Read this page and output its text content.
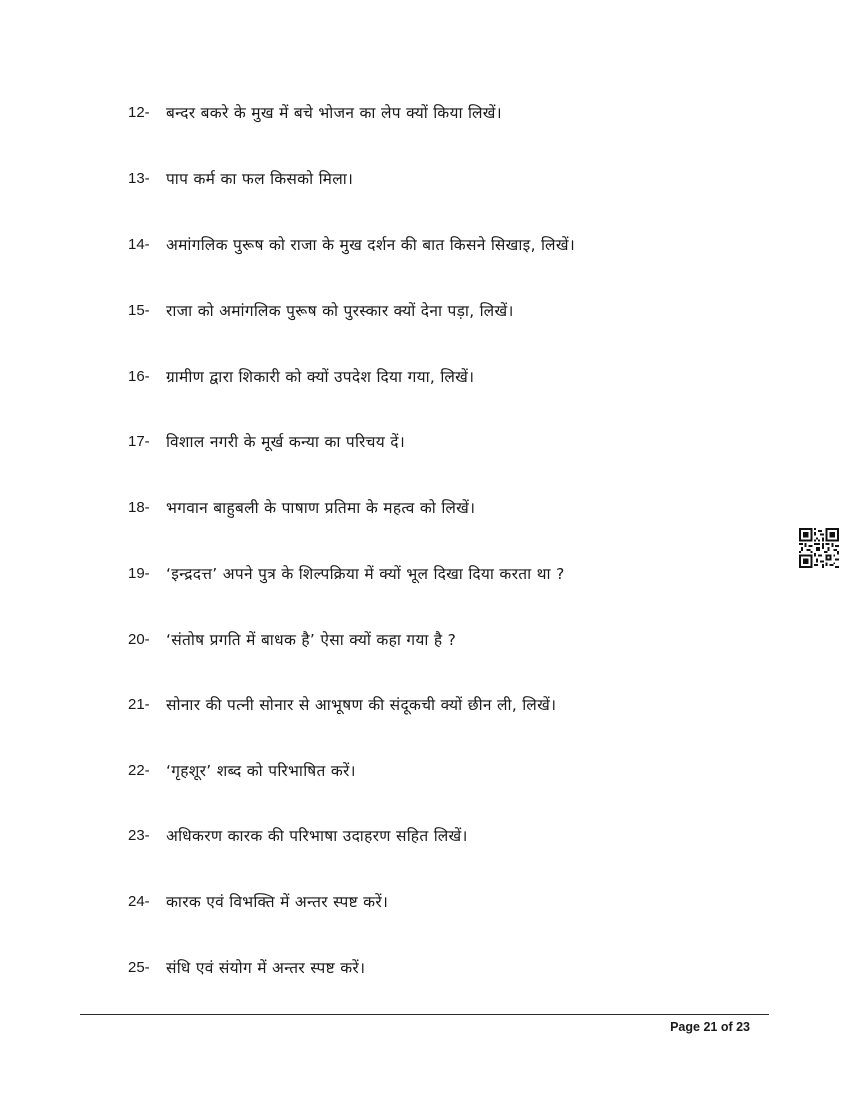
12- बन्दर बकरे के मुख में बचे भोजन का लेप क्यों किया लिखें।
13- पाप कर्म का फल किसको मिला।
14- अमांगलिक पुरूष को राजा के मुख दर्शन की बात किसने सिखाइ, लिखें।
15- राजा को अमांगलिक पुरूष को पुरस्कार क्यों देना पड़ा, लिखें।
16- ग्रामीण द्वारा शिकारी को क्यों उपदेश दिया गया, लिखें।
17- विशाल नगरी के मूर्ख कन्या का परिचय दें।
18- भगवान बाहुबली के पाषाण प्रतिमा के महत्व को लिखें।
19- ‘इन्द्रदत्त’ अपने पुत्र के शिल्पक्रिया में क्यों भूल दिखा दिया करता था ?
20- ‘संतोष प्रगति में बाधक है’ ऐसा क्यों कहा गया है ?
21- सोनार की पत्नी सोनार से आभूषण की संदूकची क्यों छीन ली, लिखें।
22- ‘गृहशूर’ शब्द को परिभाषित करें।
23- अधिकरण कारक की परिभाषा उदाहरण सहित लिखें।
24- कारक एवं विभक्ति में अन्तर स्पष्ट करें।
25- संधि एवं संयोग में अन्तर स्पष्ट करें।
Page 21 of 23
